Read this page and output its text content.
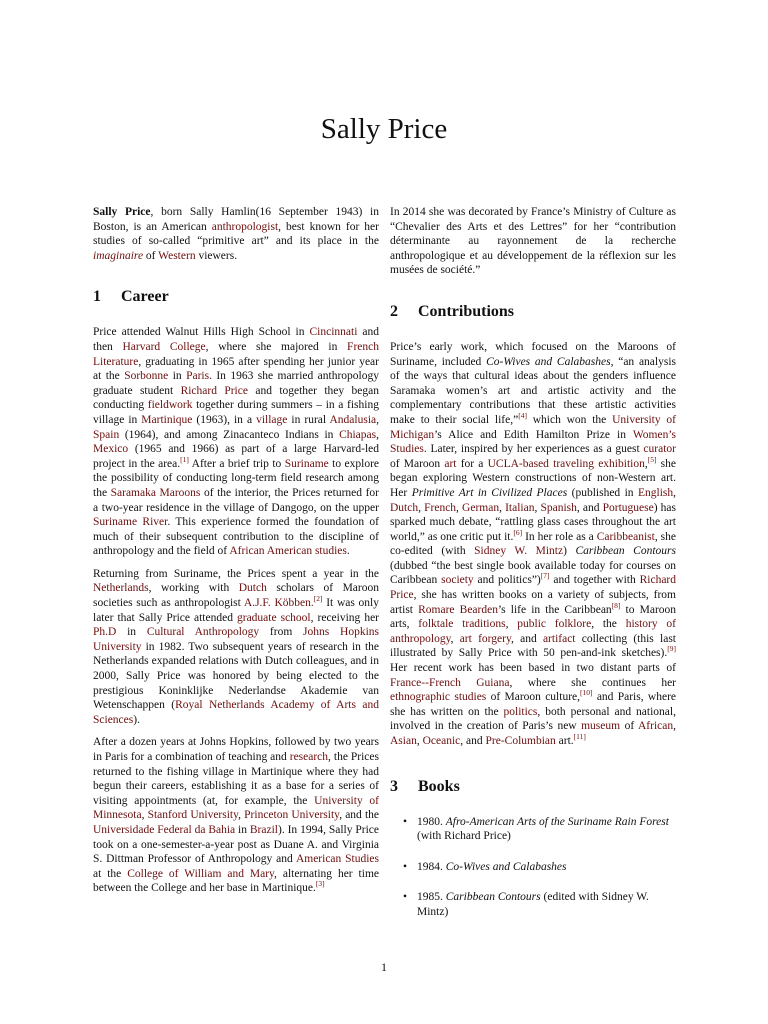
Sally Price

Sally Price, born Sally Hamlin(16 September 1943) in Boston, is an American anthropologist, best known for her studies of so-called “primitive art” and its place in the imaginaire of Western viewers.

1 Career

Price attended Walnut Hills High School in Cincinnati and then Harvard College, where she majored in French Literature, graduating in 1965 after spending her junior year at the Sorbonne in Paris. In 1963 she married anthropology graduate student Richard Price and together they began conducting fieldwork together during summers – in a fishing village in Martinique (1963), in a village in rural Andalusia, Spain (1964), and among Zinacanteco Indians in Chiapas, Mexico (1965 and 1966) as part of a large Harvard-led project in the area.[1] After a brief trip to Suriname to explore the possibility of conducting long-term field research among the Saramaka Maroons of the interior, the Prices returned for a two-year residence in the village of Dangogo, on the upper Suriname River. This experience formed the foundation of much of their subsequent contribution to the discipline of anthropology and the field of African American studies.

Returning from Suriname, the Prices spent a year in the Netherlands, working with Dutch scholars of Maroon societies such as anthropologist A.J.F. Köbben.[2] It was only later that Sally Price attended graduate school, receiving her Ph.D in Cultural Anthropology from Johns Hopkins University in 1982. Two subsequent years of research in the Netherlands expanded relations with Dutch colleagues, and in 2000, Sally Price was honored by being elected to the prestigious Koninklijke Nederlandse Akademie van Wetenschappen (Royal Netherlands Academy of Arts and Sciences).

After a dozen years at Johns Hopkins, followed by two years in Paris for a combination of teaching and research, the Prices returned to the fishing village in Martinique where they had begun their careers, establishing it as a base for a series of visiting appointments (at, for example, the University of Minnesota, Stanford University, Princeton University, and the Universidade Federal da Bahia in Brazil). In 1994, Sally Price took on a one-semester-a-year post as Duane A. and Virginia S. Dittman Professor of Anthropology and American Studies at the College of William and Mary, alternating her time between the College and her base in Martinique.[3]

In 2014 she was decorated by France’s Ministry of Culture as “Chevalier des Arts et des Lettres” for her “contribution déterminante au rayonnement de la recherche anthropologique et au développement de la réflexion sur les musées de société.”

2 Contributions

Price’s early work, which focused on the Maroons of Suriname, included Co-Wives and Calabashes, “an analysis of the ways that cultural ideas about the genders influence Saramaka women’s art and artistic activity and the complementary contributions that these artistic activities make to their social life,”[4] which won the University of Michigan’s Alice and Edith Hamilton Prize in Women’s Studies. Later, inspired by her experiences as a guest curator of Maroon art for a UCLA-based traveling exhibition,[5] she began exploring Western constructions of non-Western art. Her Primitive Art in Civilized Places (published in English, Dutch, French, German, Italian, Spanish, and Portuguese) has sparked much debate, “rattling glass cases throughout the art world,” as one critic put it.[6] In her role as a Caribbeanist, she co-edited (with Sidney W. Mintz) Caribbean Contours (dubbed “the best single book available today for courses on Caribbean society and politics”)[7] and together with Richard Price, she has written books on a variety of subjects, from artist Romare Bearden’s life in the Caribbean[8] to Maroon arts, folktale traditions, public folklore, the history of anthropology, art forgery, and artifact collecting (this last illustrated by Sally Price with 50 pen-and-ink sketches).[9] Her recent work has been based in two distant parts of France--French Guiana, where she continues her ethnographic studies of Maroon culture,[10] and Paris, where she has written on the politics, both personal and national, involved in the creation of Paris’s new museum of African, Asian, Oceanic, and Pre-Columbian art.[11]

3 Books
• 1980. Afro-American Arts of the Suriname Rain Forest (with Richard Price)
• 1984. Co-Wives and Calabashes
• 1985. Caribbean Contours (edited with Sidney W. Mintz)
1
